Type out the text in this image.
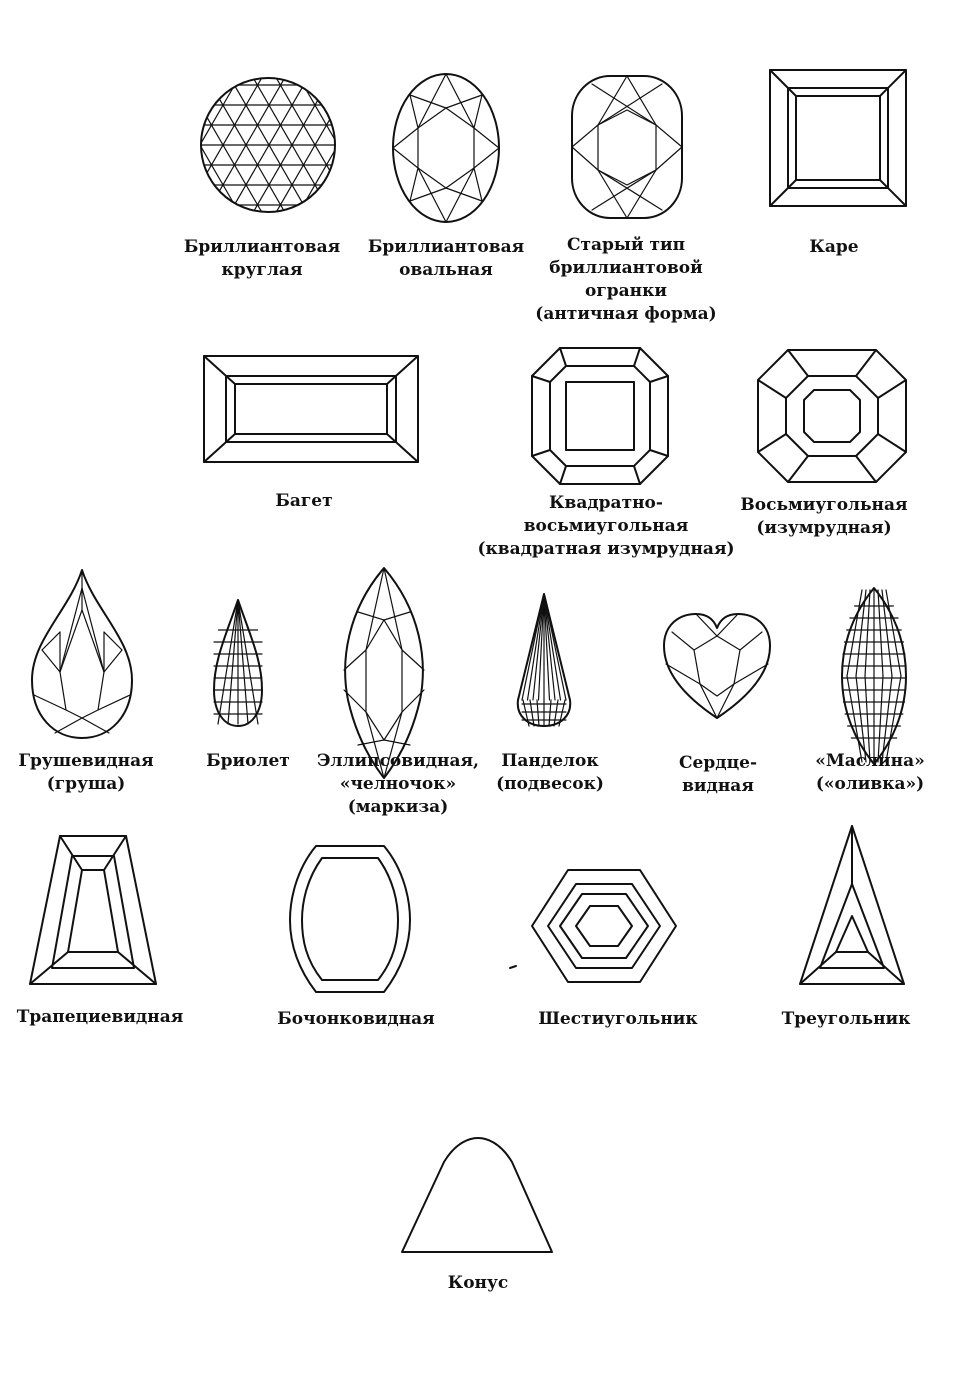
Бриллиантовая
круглая
Бриллиантовая
овальная
Старый тип
бриллиантовой
огранки
(античная форма)
Каре
Багет	Квадратно-
восьмиугольная
(квадратная изумрудная)
Восьмиугольная
(изумрудная)
Грушевидная
(груша)
Бриолет Эллипсовидная,
«челночок»
(маркиза)
Панделок
(подвесок)
Сердце-
видная
«Маслина»
(«оливка»)
Трапециевидная	Бочонковидная	Шестиугольник	Треугольник
Конус
